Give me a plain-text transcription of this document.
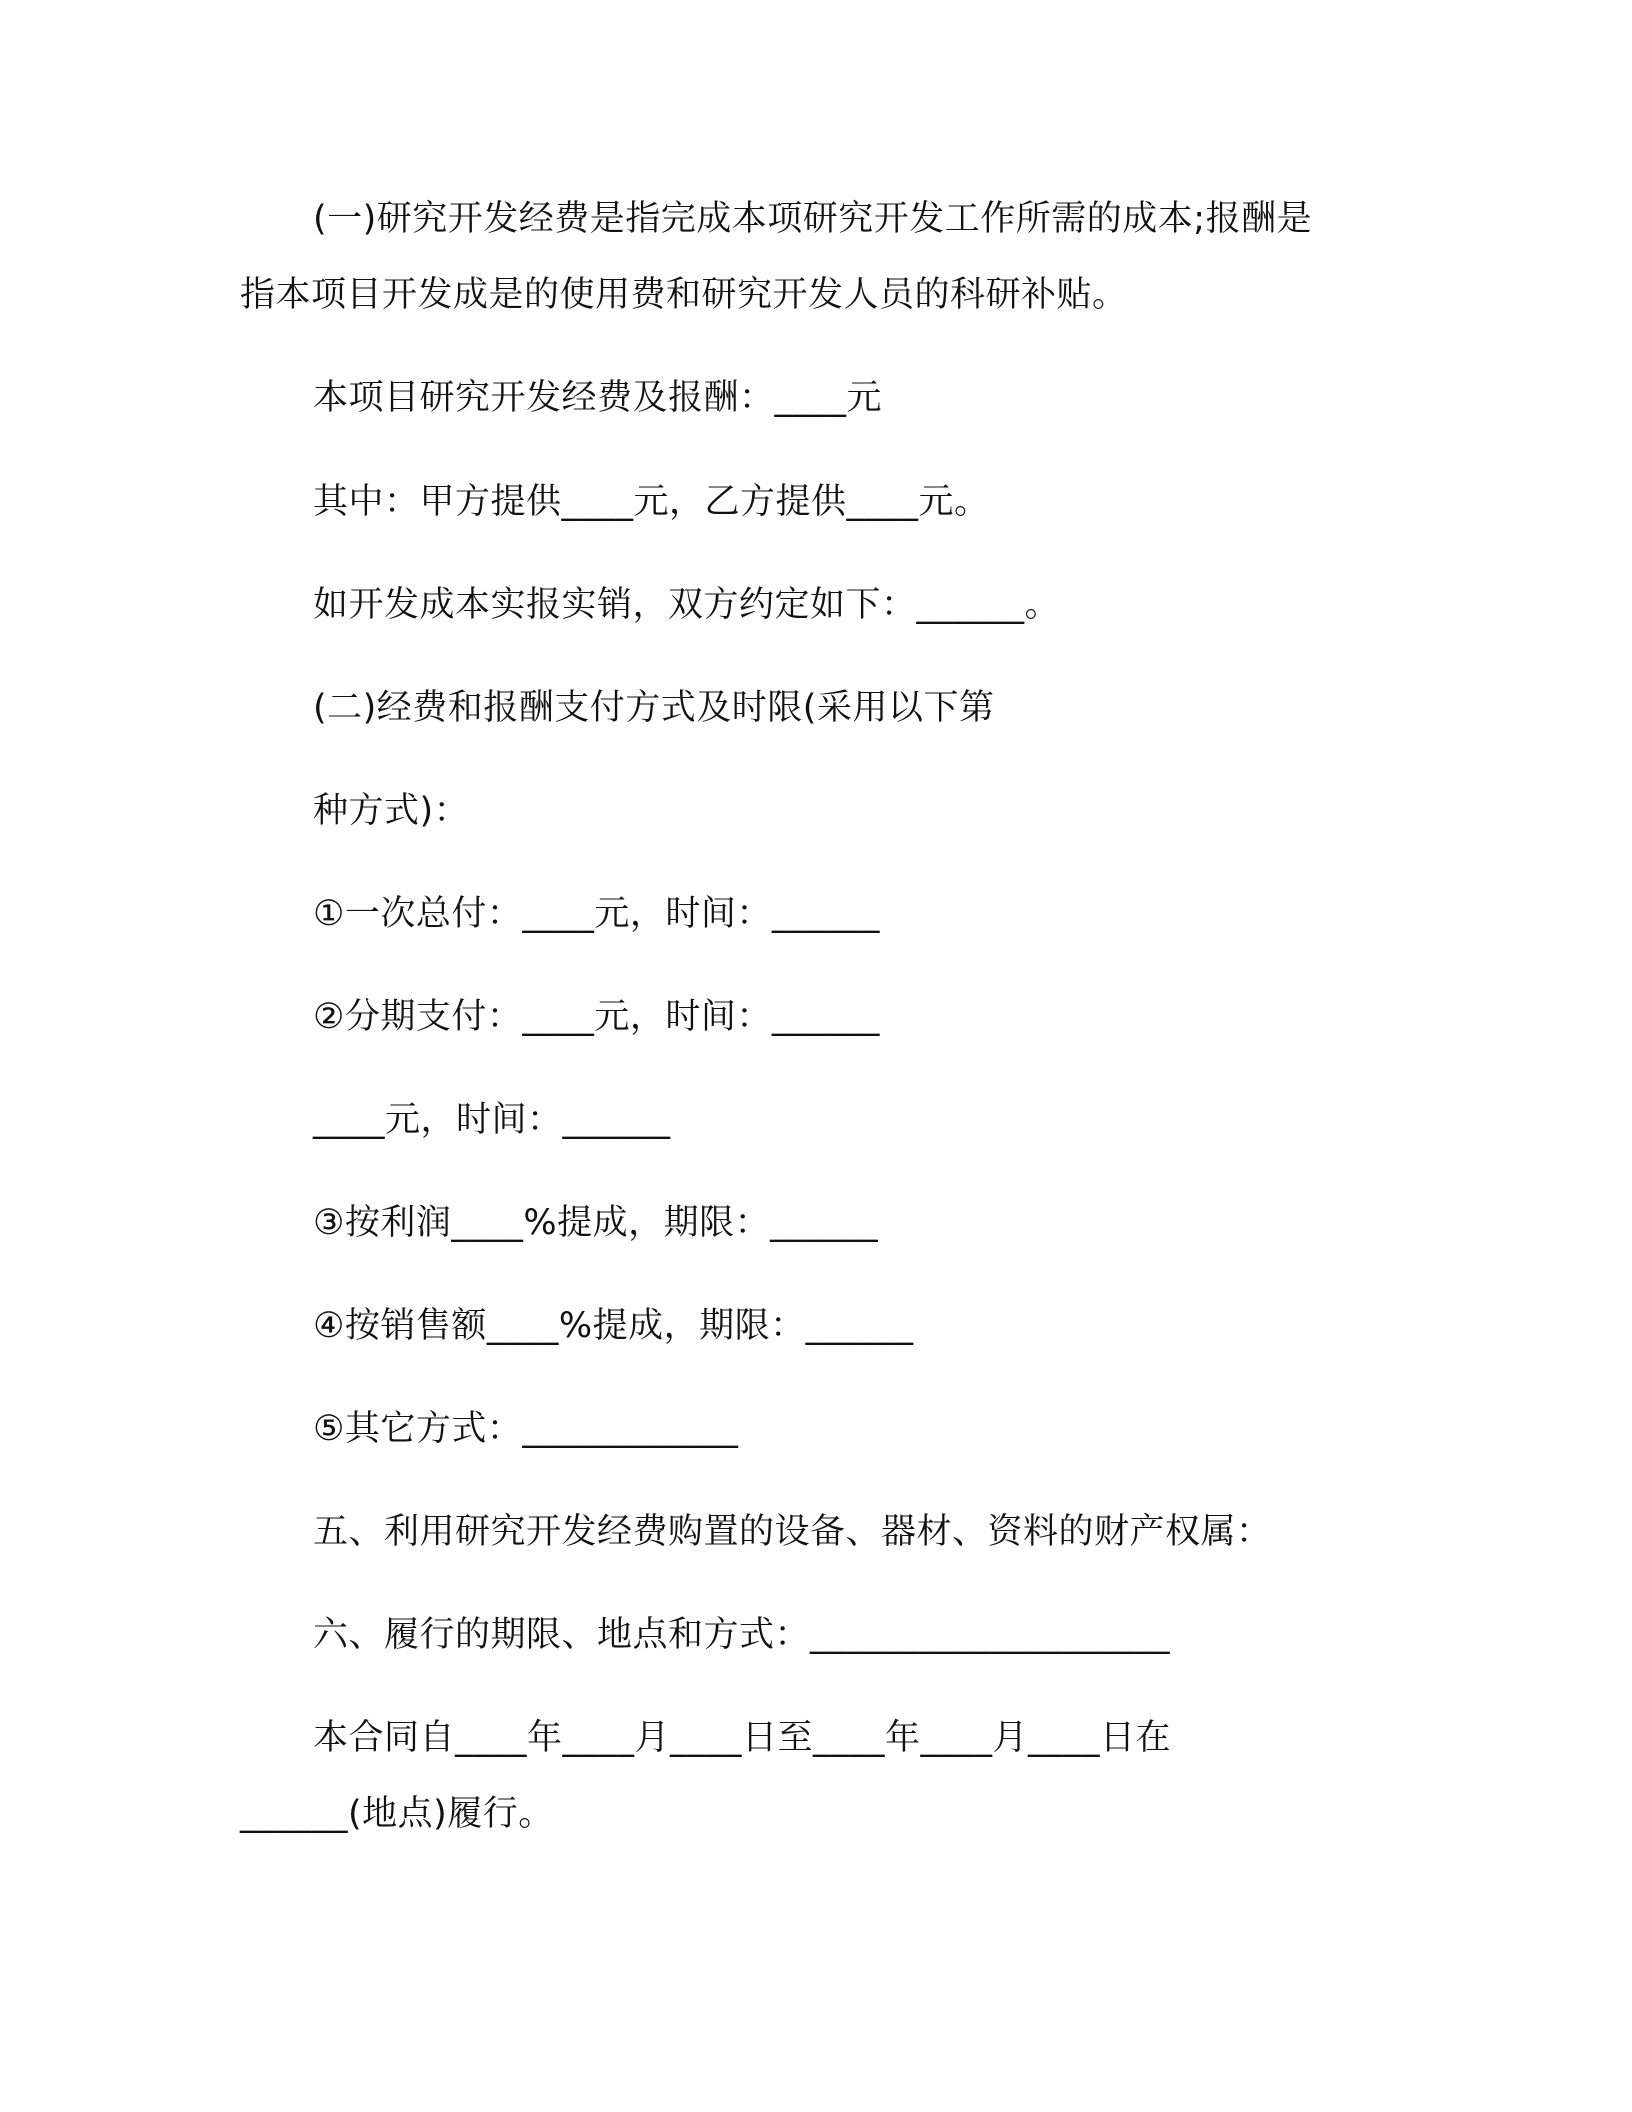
(一)研究开发经费是指完成本项研究开发工作所需的成本;报酬是
指本项目开发成是的使用费和研究开发人员的科研补贴。
本项目研究开发经费及报酬：____元
其中：甲方提供____元，乙方提供____元。
如开发成本实报实销，双方约定如下：______。
(二)经费和报酬支付方式及时限(采用以下第
种方式)：
①一次总付：____元，时间：______
②分期支付：____元，时间：______
____元，时间：______
③按利润____%提成，期限：______
④按销售额____%提成，期限：______
⑤其它方式：____________
五、利用研究开发经费购置的设备、器材、资料的财产权属：
六、履行的期限、地点和方式：____________________
本合同自____年____月____日至____年____月____日在
______(地点)履行。
